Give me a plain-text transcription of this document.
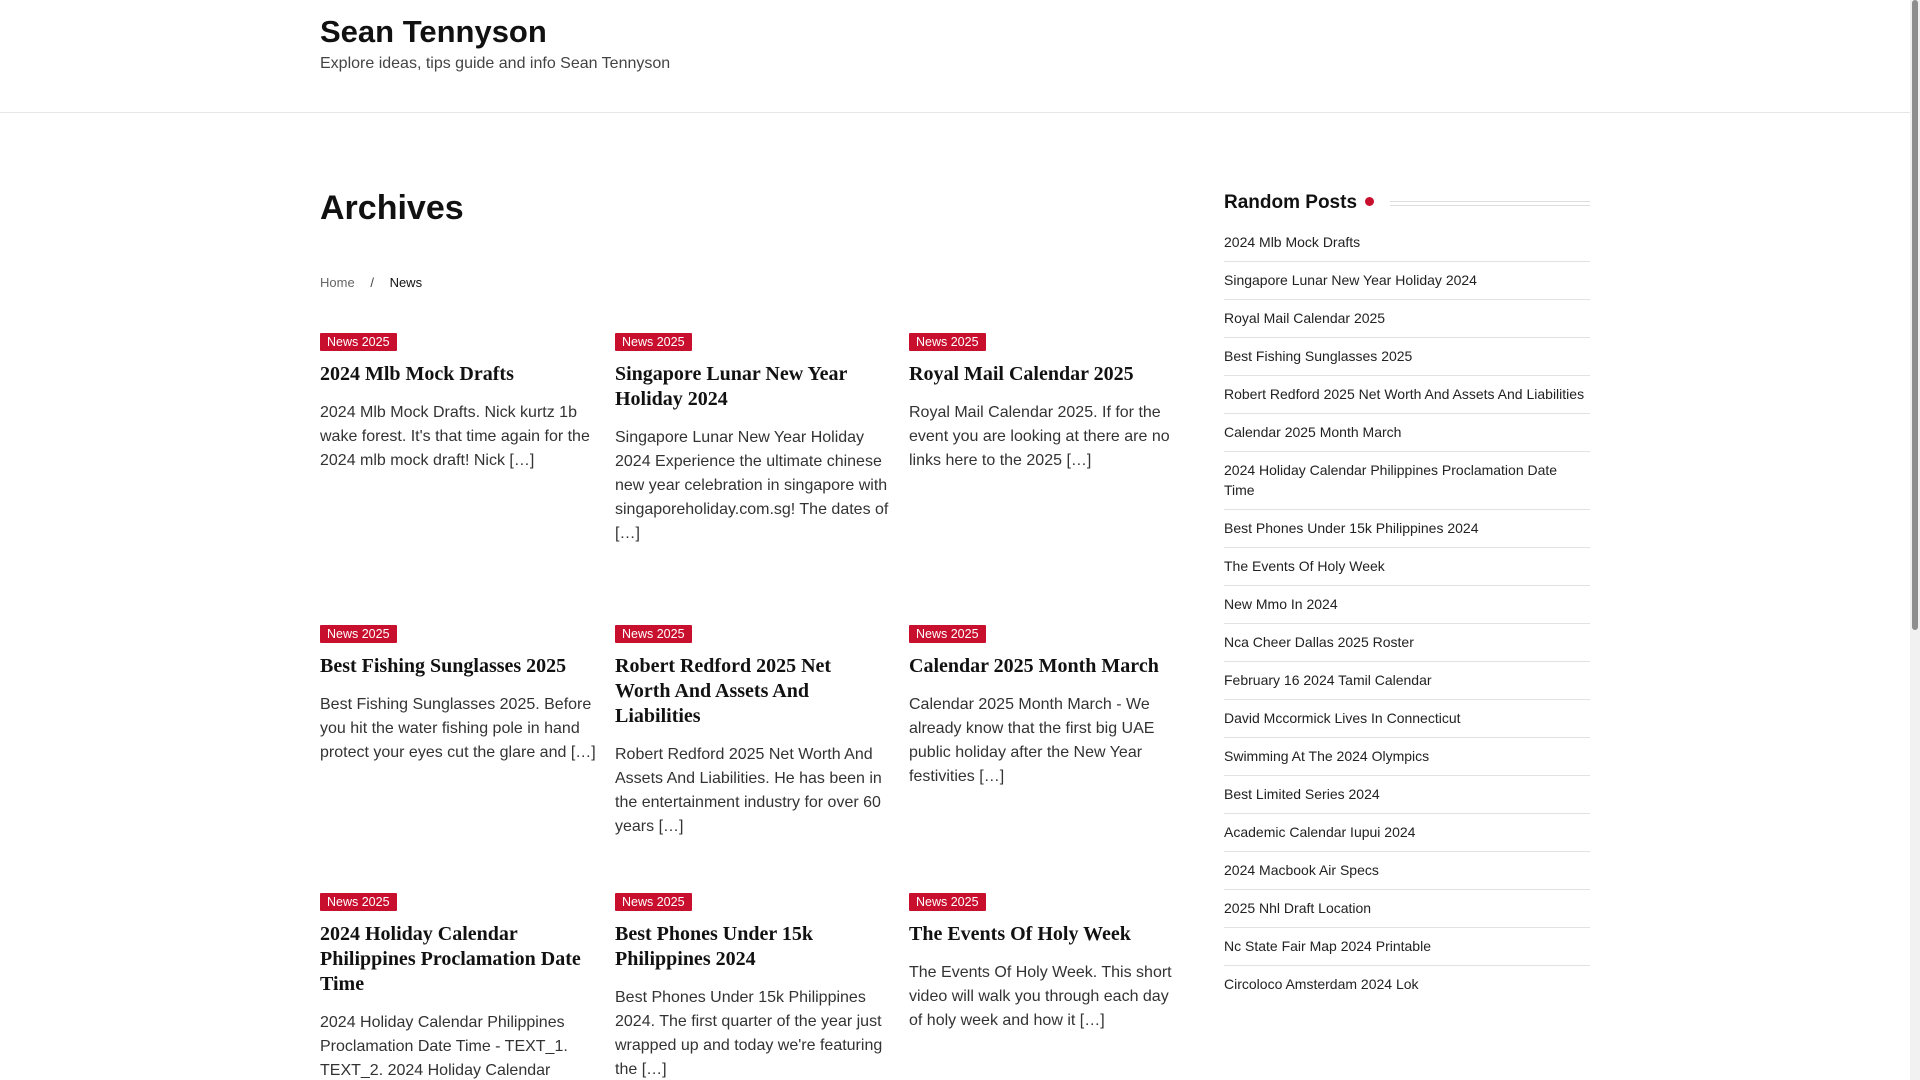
Sean Tennyson
Explore ideas, tips guide and info Sean Tennyson
Archives
Home / News
News 2025
2024 Mlb Mock Drafts

2024 Mlb Mock Drafts. Nick kurtz 1b wake forest. It's that time again for the 2024 mlb mock draft! Nick […]

News 2025
Singapore Lunar New Year Holiday 2024

Singapore Lunar New Year Holiday 2024 Experience the ultimate chinese new year celebration in singapore with singaporeholiday.com.sg! The dates of […]

News 2025
Royal Mail Calendar 2025

Royal Mail Calendar 2025. If for the event you are looking at there are no links here to the 2025 […]

News 2025
Best Fishing Sunglasses 2025

Best Fishing Sunglasses 2025. Before you hit the water fishing pole in hand protect your eyes cut the glare and […]

News 2025
Robert Redford 2025 Net Worth And Assets And Liabilities

Robert Redford 2025 Net Worth And Assets And Liabilities. He has been in the entertainment industry for over 60 years […]

News 2025
Calendar 2025 Month March

Calendar 2025 Month March - We already know that the first big UAE public holiday after the New Year festivities […]

News 2025
2024 Holiday Calendar Philippines Proclamation Date Time

2024 Holiday Calendar Philippines Proclamation Date Time - TEXT_1. TEXT_2. 2024 Holiday Calendar

News 2025
Best Phones Under 15k Philippines 2024

Best Phones Under 15k Philippines 2024. The first quarter of the year just wrapped up and today we're featuring the […]

News 2025
The Events Of Holy Week

The Events Of Holy Week. This short video will walk you through each day of holy week and how it […]

Random Posts
2024 Mlb Mock Drafts
Singapore Lunar New Year Holiday 2024
Royal Mail Calendar 2025
Best Fishing Sunglasses 2025
Robert Redford 2025 Net Worth And Assets And Liabilities
Calendar 2025 Month March
2024 Holiday Calendar Philippines Proclamation Date Time
Best Phones Under 15k Philippines 2024
The Events Of Holy Week
New Mmo In 2024
Nca Cheer Dallas 2025 Roster
February 16 2024 Tamil Calendar
David Mccormick Lives In Connecticut
Swimming At The 2024 Olympics
Best Limited Series 2024
Academic Calendar Iupui 2024
2024 Macbook Air Specs
2025 Nhl Draft Location
Nc State Fair Map 2024 Printable
Circoloco Amsterdam 2024 Lok
